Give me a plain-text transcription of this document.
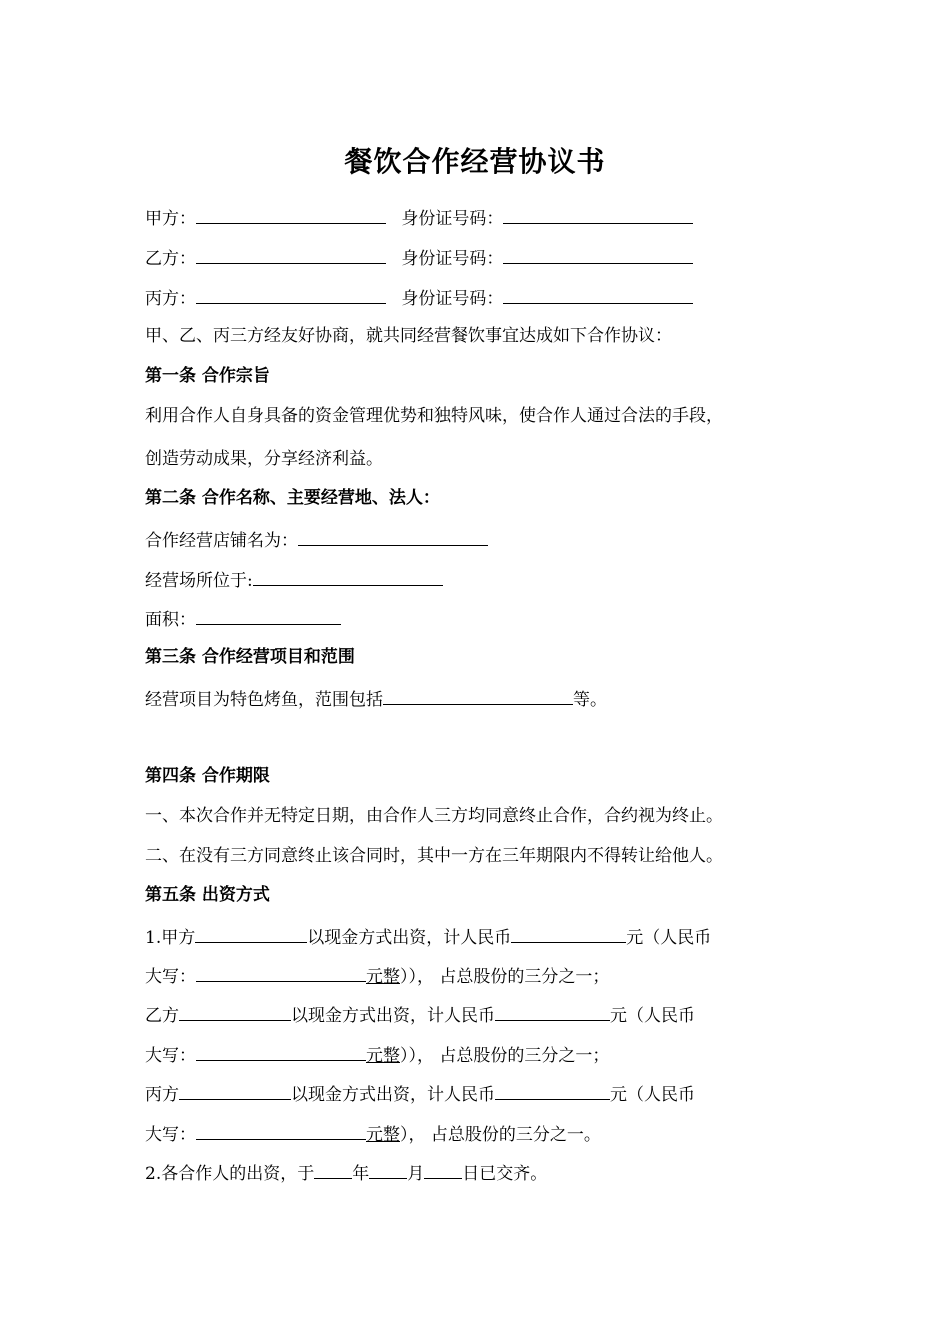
餐饮合作经营协议书
甲方：	身份证号码：
乙方：	身份证号码：
丙方：	身份证号码：
甲、乙、丙三方经友好协商，就共同经营餐饮事宜达成如下合作协议：
第一条 合作宗旨
利用合作人自身具备的资金管理优势和独特风味，使合作人通过合法的手段，
创造劳动成果，分享经济利益。
第二条 合作名称、主要经营地、法人：
合作经营店铺名为：
经营场所位于:
面积：
第三条 合作经营项目和范围
经营项目为特色烤鱼，范围包括	等。
第四条 合作期限
一、本次合作并无特定日期，由合作人三方均同意终止合作，合约视为终止。
二、在没有三方同意终止该合同时，其中一方在三年期限内不得转让给他人。
第五条 出资方式
1.甲方	以现金方式出资，计人民币	元（人民币
大写：	元整））， 占总股份的三分之一；
乙方	以现金方式出资，计人民币	元（人民币
大写：	元整））， 占总股份的三分之一；
丙方	以现金方式出资，计人民币	元（人民币
大写：	元整）， 占总股份的三分之一。
2.各合作人的出资，于 年 月 日已交齐。
